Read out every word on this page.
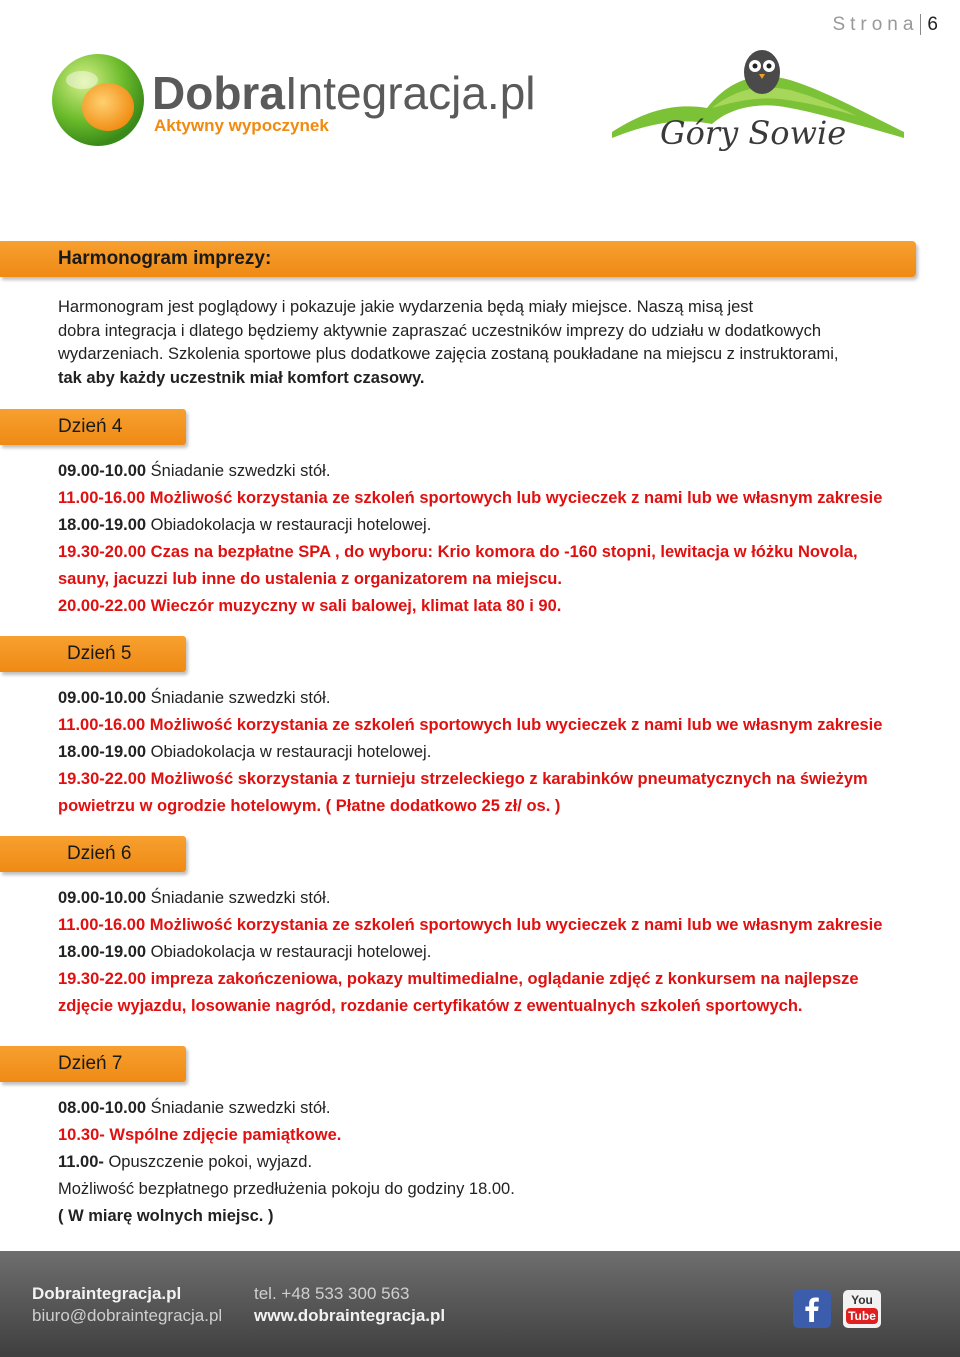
Strona 6
DobraIntegracja.pl
Aktywny wypoczynek	Góry Sowie
Harmonogram imprezy:
Harmonogram jest poglądowy i pokazuje jakie wydarzenia będą miały miejsce. Naszą misą jest
dobra integracja i dlatego będziemy aktywnie zapraszać uczestników imprezy do udziału w dodatkowych
wydarzeniach. Szkolenia sportowe plus dodatkowe zajęcia zostaną poukładane na miejscu z instruktorami,
tak aby każdy uczestnik miał komfort czasowy.
Dzień 4
09.00-10.00 Śniadanie szwedzki stół.
11.00-16.00 Możliwość korzystania ze szkoleń sportowych lub wycieczek z nami lub we własnym zakresie
18.00-19.00 Obiadokolacja w restauracji hotelowej.
19.30-20.00 Czas na bezpłatne SPA , do wyboru: Krio komora do -160 stopni, lewitacja w łóżku Novola,
sauny, jacuzzi lub inne do ustalenia z organizatorem na miejscu.
20.00-22.00 Wieczór muzyczny w sali balowej, klimat lata 80 i 90.
Dzień 5
09.00-10.00 Śniadanie szwedzki stół.
11.00-16.00 Możliwość korzystania ze szkoleń sportowych lub wycieczek z nami lub we własnym zakresie
18.00-19.00 Obiadokolacja w restauracji hotelowej.
19.30-22.00 Możliwość skorzystania z turnieju strzeleckiego z karabinków pneumatycznych na świeżym
powietrzu w ogrodzie hotelowym. ( Płatne dodatkowo 25 zł/ os. )
Dzień 6
09.00-10.00 Śniadanie szwedzki stół.
11.00-16.00 Możliwość korzystania ze szkoleń sportowych lub wycieczek z nami lub we własnym zakresie
18.00-19.00 Obiadokolacja w restauracji hotelowej.
19.30-22.00 impreza zakończeniowa, pokazy multimedialne, oglądanie zdjęć z konkursem na najlepsze
zdjęcie wyjazdu, losowanie nagród, rozdanie certyfikatów z ewentualnych szkoleń sportowych.
Dzień 7
08.00-10.00 Śniadanie szwedzki stół.
10.30- Wspólne zdjęcie pamiątkowe.
11.00- Opuszczenie pokoi, wyjazd.
Możliwość bezpłatnego przedłużenia pokoju do godziny 18.00.
( W miarę wolnych miejsc. )
Dobraintegracja.pl
biuro@dobraintegracja.pl
tel. +48 533 300 563
www.dobraintegracja.pl
You
Tube
